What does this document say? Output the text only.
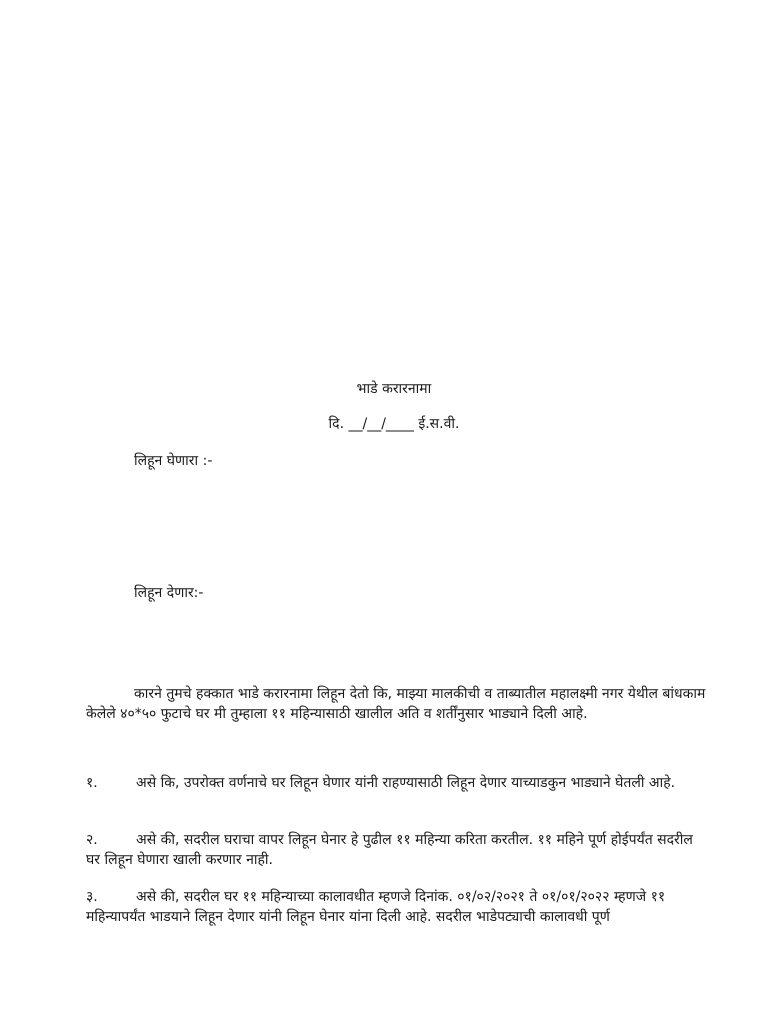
भाडे करारनामा
दि. __/__/____ ई.स.वी.
लिहून घेणारा :-
लिहून देणार:-
कारने तुमचे हक्कात भाडे करारनामा लिहून देतो कि, माझ्या मालकीची व ताब्यातील महालक्ष्मी नगर येथील बांधकाम केलेले ४०*५० फुटाचे घर मी तुम्हाला ११ महिन्यासाठी खालील अति व शर्तींनुसार भाड्याने दिली आहे.
१.	असे कि, उपरोक्त वर्णनाचे घर लिहून घेणार यांनी राहण्यासाठी लिहून देणार याच्याडकुन भाड्याने घेतली आहे.
२.	असे की, सदरील घराचा वापर लिहून घेनार हे पुढील ११ महिन्या करिता करतील. ११ महिने पूर्ण होईपर्यंत सदरील घर लिहून घेणारा खाली करणार नाही.
३.	असे की, सदरील घर ११ महिन्याच्या कालावधीत म्हणजे दिनांक. ०१/०२/२०२१ ते ०१/०१/२०२२ म्हणजे ११ महिन्यापर्यंत भाडयाने लिहून देणार यांनी लिहून घेनार यांना दिली आहे. सदरील भाडेपट्याची कालावधी पूर्ण
